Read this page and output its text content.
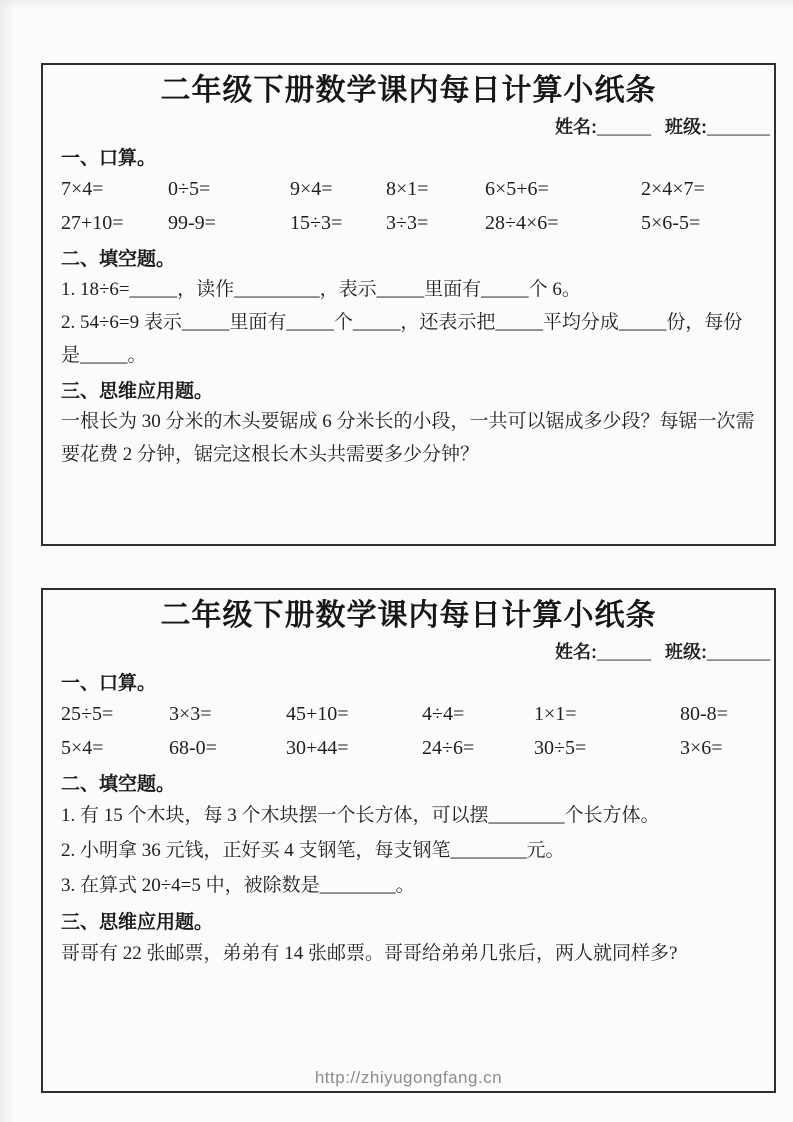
二年级下册数学课内每日计算小纸条
姓名:______ 班级:_______
一、口算。
7×4=	0÷5=	9×4=	8×1=	6×5+6=	2×4×7=
27+10=	99-9=	15÷3=	3÷3=	28÷4×6=	5×6-5=
二、填空题。

1. 18÷6=_____，读作_________，表示_____里面有_____个 6。

2. 54÷6=9 表示_____里面有_____个_____，还表示把_____平均分成_____份，每份是_____。

三、思维应用题。

一根长为 30 分米的木头要锯成 6 分米长的小段，一共可以锯成多少段？每锯一次需要花费 2 分钟，锯完这根长木头共需要多少分钟？

二年级下册数学课内每日计算小纸条
姓名:______ 班级:_______
一、口算。
25÷5=	3×3=	45+10=	4÷4=	1×1=	80-8=
5×4=	68-0=	30+44=	24÷6=	30÷5=	3×6=
二、填空题。

1. 有 15 个木块，每 3 个木块摆一个长方体，可以摆________个长方体。

2. 小明拿 36 元钱，正好买 4 支钢笔，每支钢笔________元。

3. 在算式 20÷4=5 中，被除数是________。

三、思维应用题。

哥哥有 22 张邮票，弟弟有 14 张邮票。哥哥给弟弟几张后，两人就同样多?

http://zhiyugongfang.cn
